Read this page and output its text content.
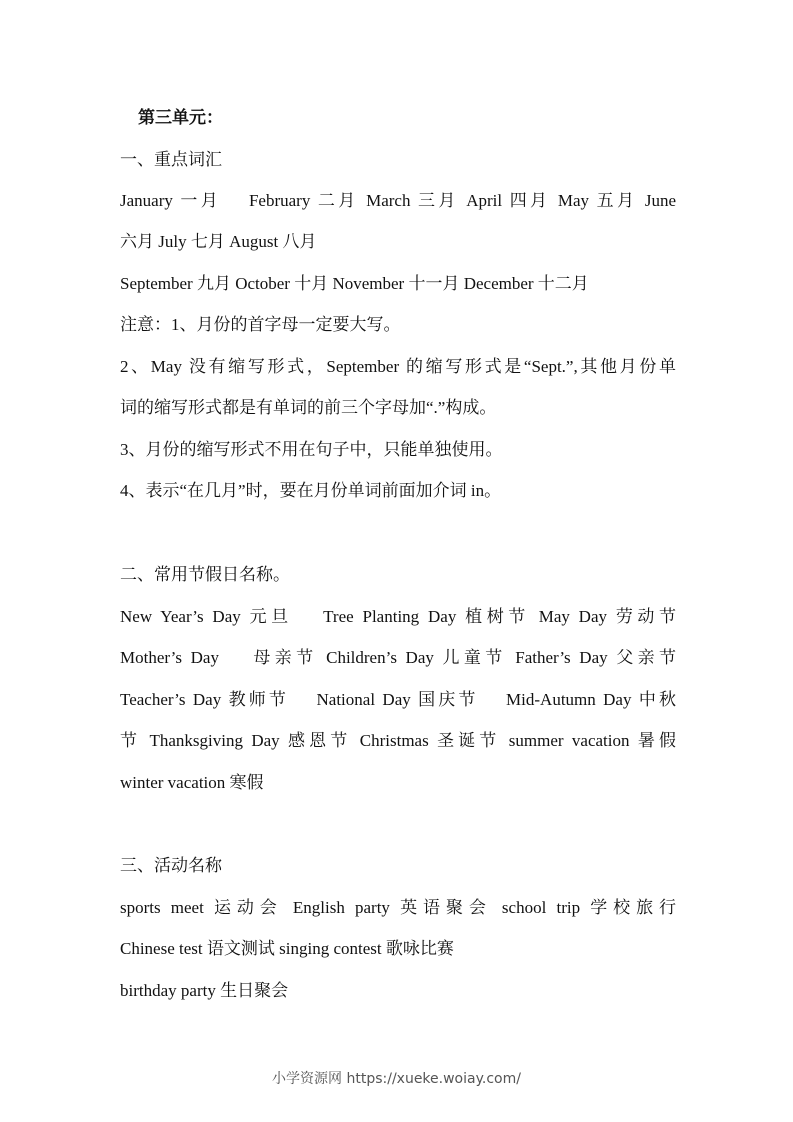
第三单元：
一、重点词汇
January 一月　 February 二月 March 三月 April 四月 May 五月 June
六月 July 七月 August 八月
September 九月 October 十月 November 十一月 December 十二月
注意：1、月份的首字母一定要大写。
2、May 没有缩写形式，September 的缩写形式是“Sept.”,其他月份单
词的缩写形式都是有单词的前三个字母加“.”构成。
3、月份的缩写形式不用在句子中，只能单独使用。
4、表示“在几月”时，要在月份单词前面加介词 in。
二、常用节假日名称。
New Year’s Day 元旦　 Tree Planting Day 植树节 May Day 劳动节
Mother’s Day　 母亲节 Children’s Day 儿童节 Father’s Day 父亲节
Teacher’s Day 教师节　 National Day 国庆节　 Mid-Autumn Day 中秋
节 Thanksgiving Day 感恩节 Christmas 圣诞节 summer vacation 暑假
winter vacation 寒假
三、活动名称
sports meet 运动会 English party 英语聚会 school trip 学校旅行
Chinese test 语文测试 singing contest 歌咏比赛
birthday party 生日聚会
小学资源网 https://xueke.woiay.com/
